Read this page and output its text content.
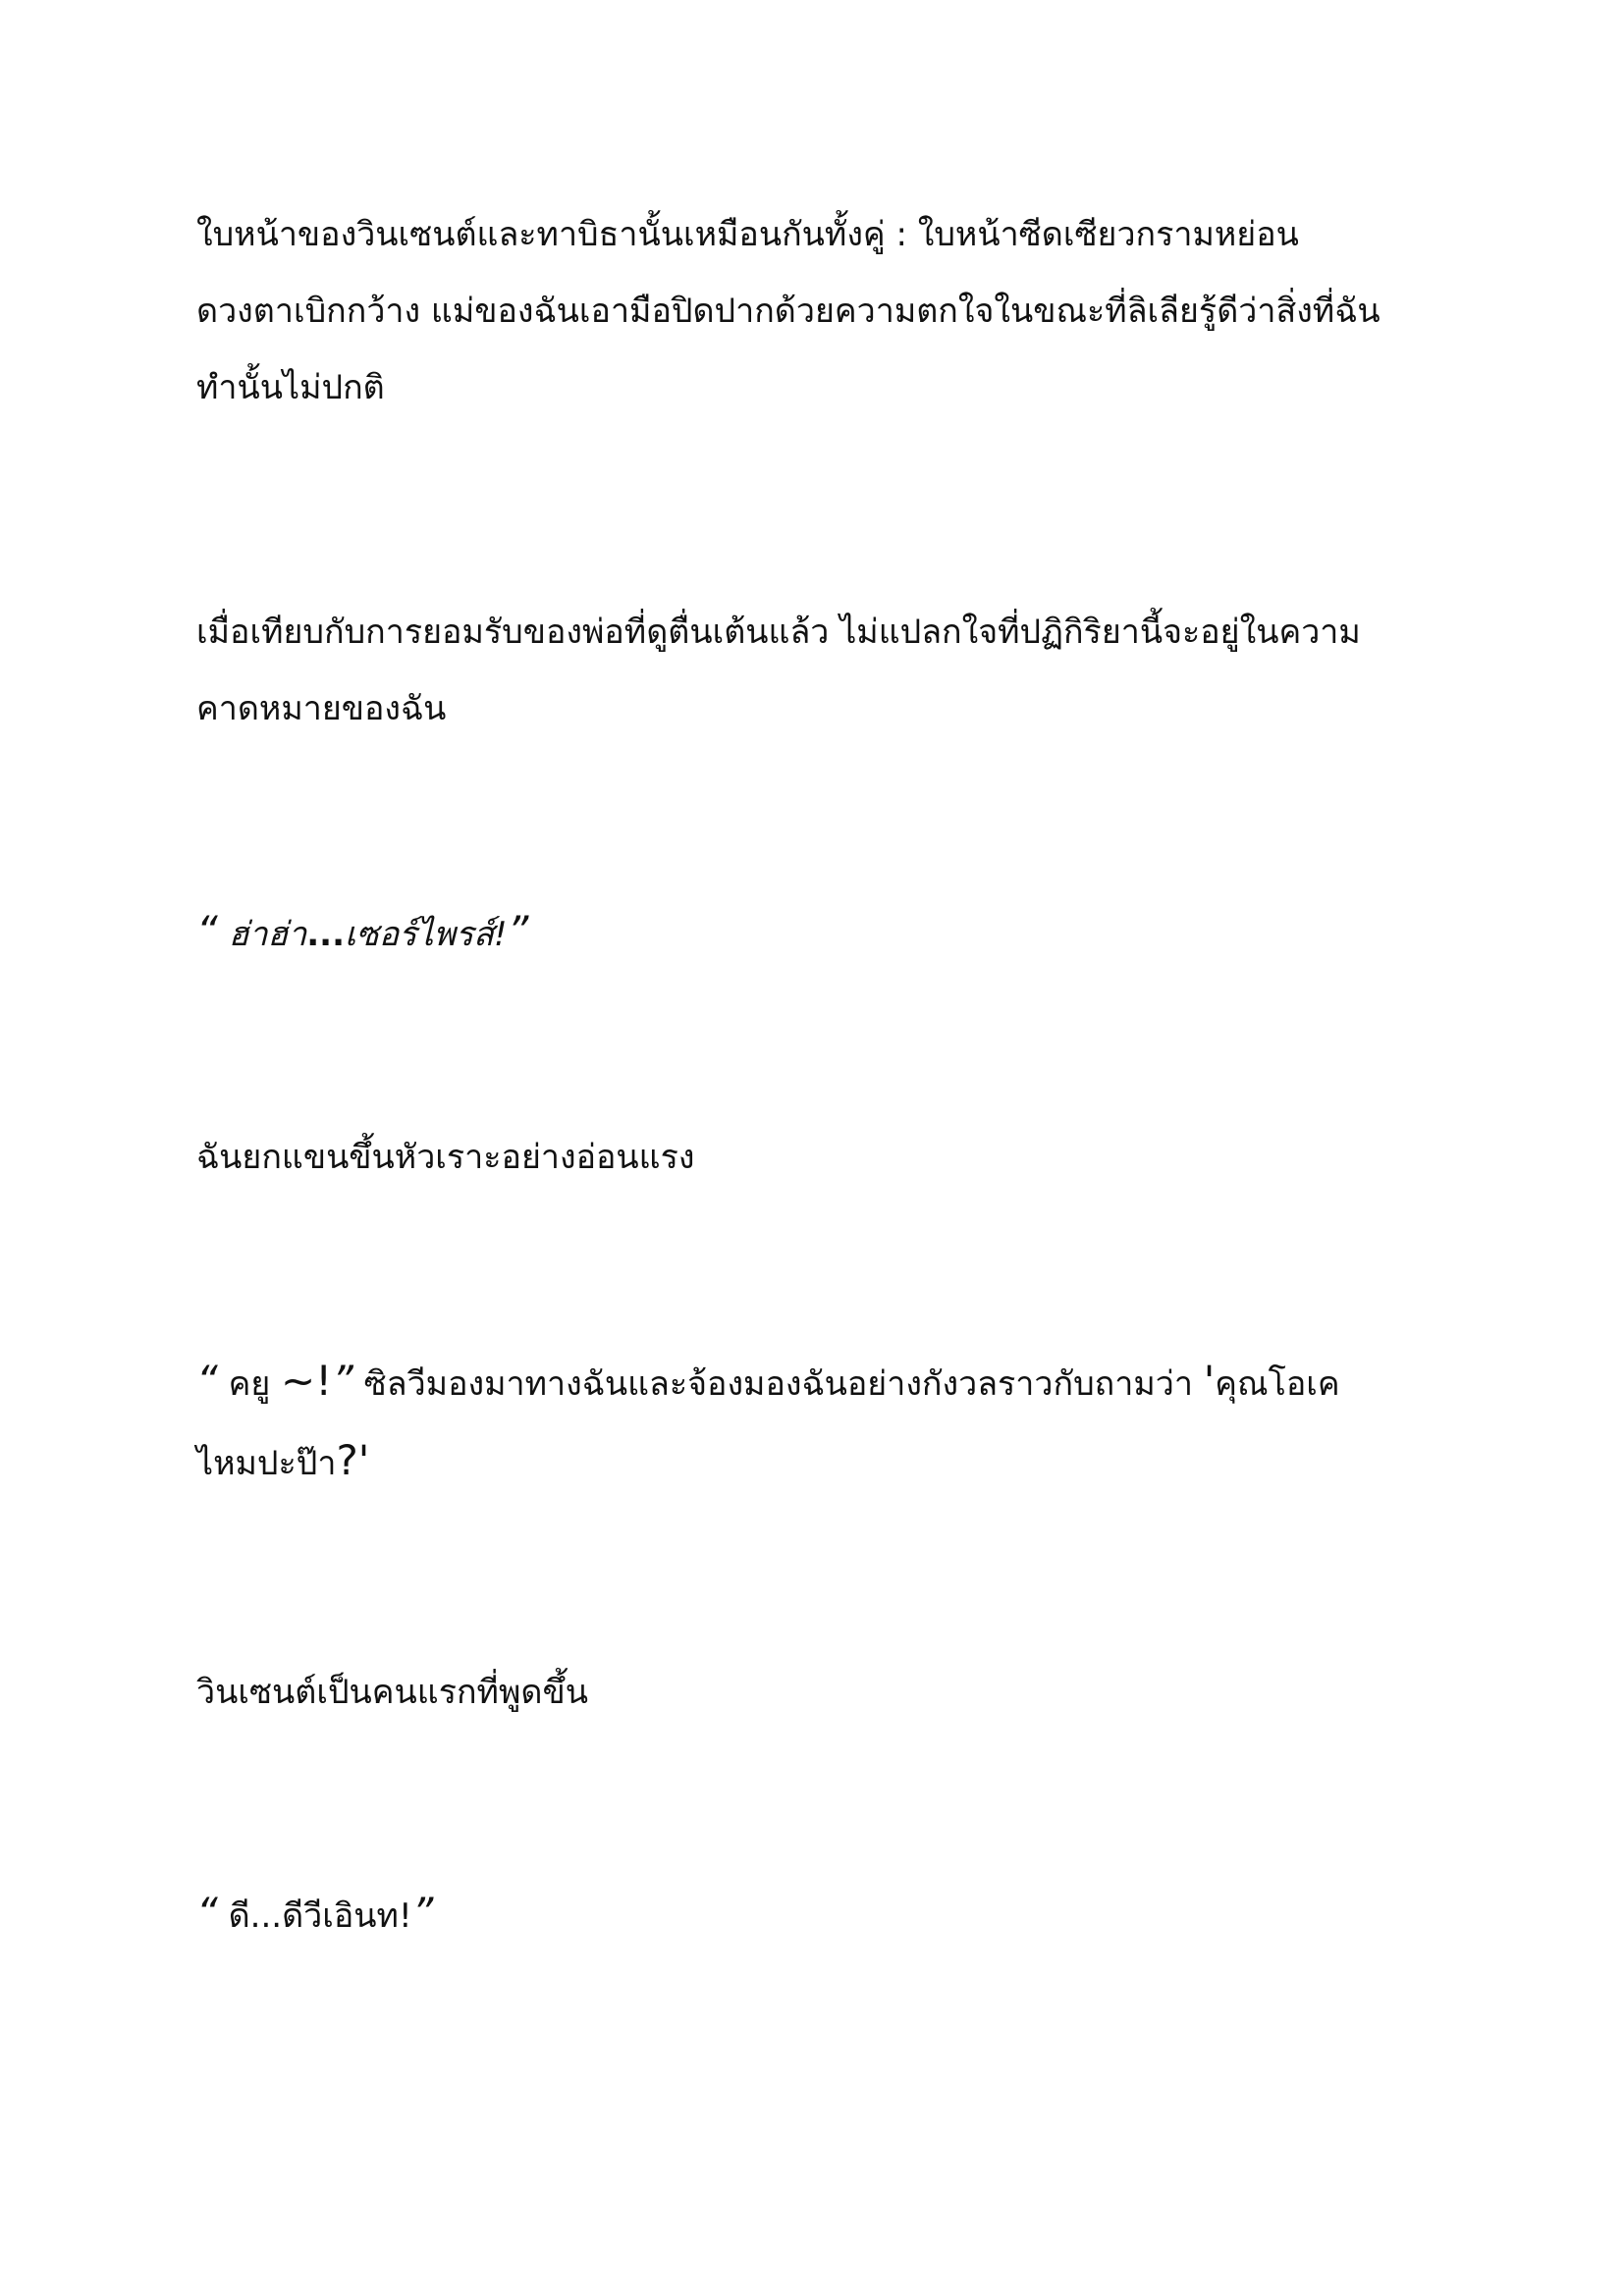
ใบหน้าของวินเซนต์และทาบิธานั้นเหมือนกันทั้งคู่ : ใบหน้าซีดเซียวกรามหย่อน
ดวงตาเบิกกว้าง แม่ของฉันเอามือปิดปากด้วยความตกใจในขณะที่ลิเลียรู้ดีว่าสิ่งที่ฉัน
ทำนั้นไม่ปกติ

เมื่อเทียบกับการยอมรับของพ่อที่ดูตื่นเต้นแล้ว ไม่แปลกใจที่ปฏิกิริยานี้จะอยู่ในความ
คาดหมายของฉัน

“ ฮ่าฮ่า...เซอร์ไพรส์!”

ฉันยกแขนขึ้นหัวเราะอย่างอ่อนแรง

“ คยู ~!” ซิลวีมองมาทางฉันและจ้องมองฉันอย่างกังวลราวกับถามว่า 'คุณโอเค
ไหมปะป๊า?'

วินเซนต์เป็นคนแรกที่พูดขึ้น

“ ดี...ดีวีเอินท!”
